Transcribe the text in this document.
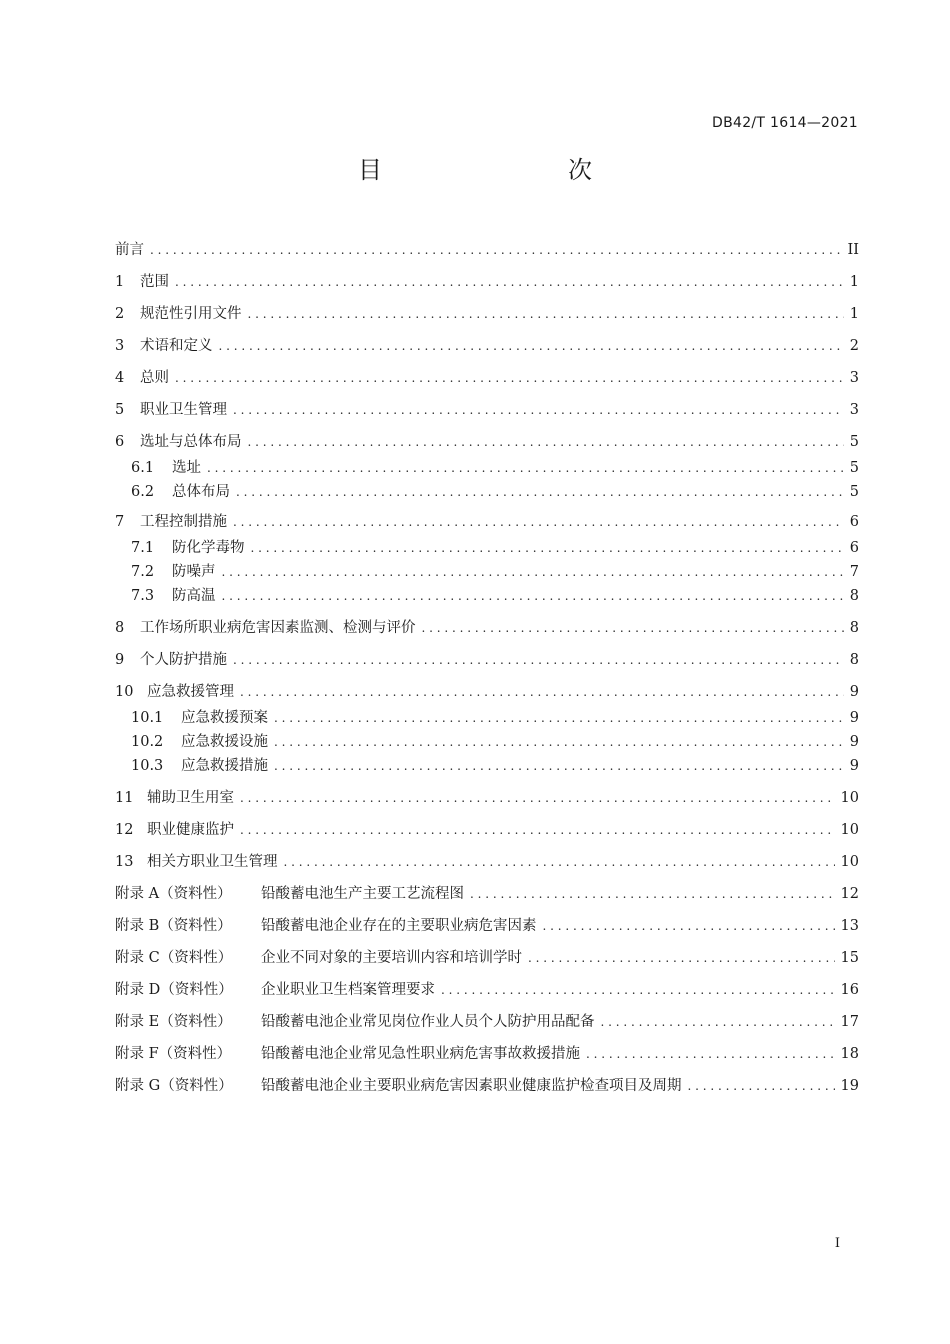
DB42/T 1614—2021
目　　次
前言 . . .	II
1	范围 . . .	1
2	规范性引用文件 . . .	1
3	术语和定义 . . .	2
4	总则 . . .	3
5	职业卫生管理 . . .	3
6	选址与总体布局 . . .	5
6.1	选址 . . .	5
6.2	总体布局 . . .	5
7	工程控制措施 . . .	6
7.1	防化学毒物 . . .	6
7.2	防噪声 . . .	7
7.3	防高温 . . .	8
8	工作场所职业病危害因素监测、检测与评价 . . .	8
9	个人防护措施 . . .	8
10 应急救援管理 . . .	9
10.1	应急救援预案 . . .	9
10.2	应急救援设施 . . .	9
10.3	应急救援措施 . . .	9
11 辅助卫生用室 . . .	10
12 职业健康监护 . . .	10
13 相关方职业卫生管理 . . .	10
附录 A（资料性）	铅酸蓄电池生产主要工艺流程图 . . .	12
附录 B（资料性）	铅酸蓄电池企业存在的主要职业病危害因素 . . .	13
附录 C（资料性）	企业不同对象的主要培训内容和培训学时 . . .	15
附录 D（资料性）	企业职业卫生档案管理要求 . . .	16
附录 E（资料性）	铅酸蓄电池企业常见岗位作业人员个人防护用品配备 . . .	17
附录 F（资料性）	铅酸蓄电池企业常见急性职业病危害事故救援措施 . . .	18
附录 G（资料性）	铅酸蓄电池企业主要职业病危害因素职业健康监护检查项目及周期 . . .	19
I
